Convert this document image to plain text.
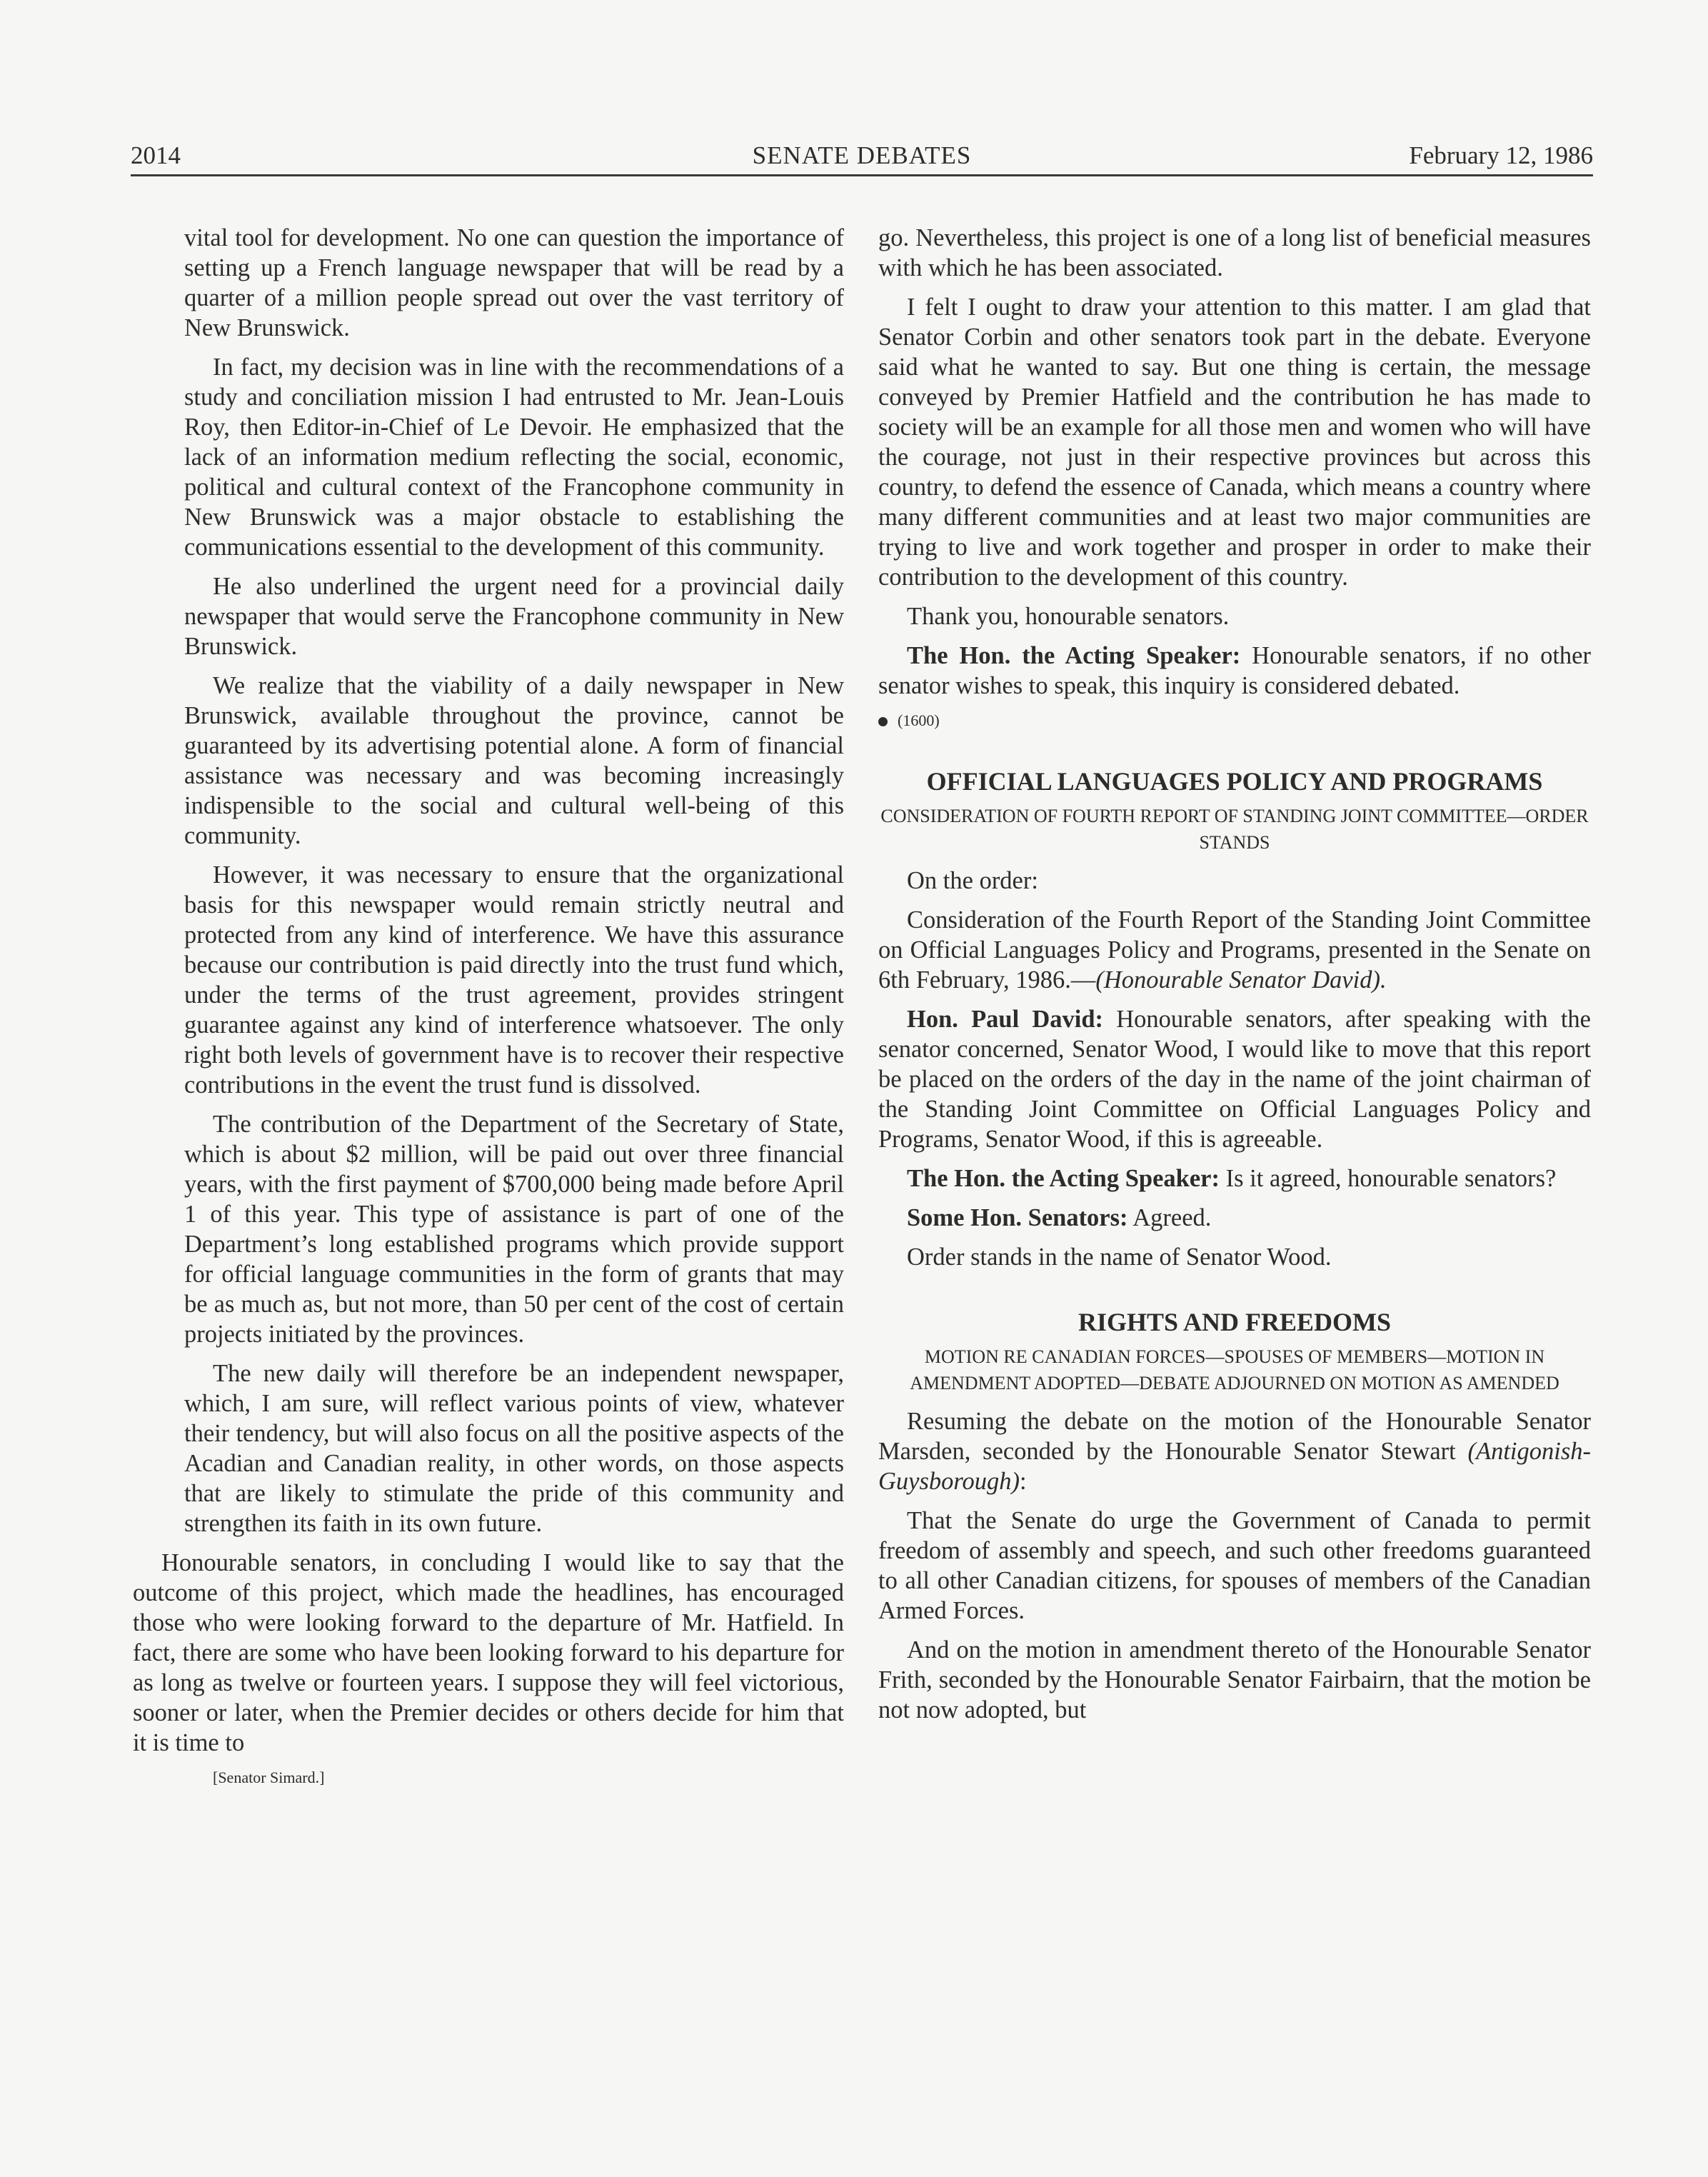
2014	SENATE DEBATES	February 12, 1986

vital tool for development. No one can question the importance of setting up a French language newspaper that will be read by a quarter of a million people spread out over the vast territory of New Brunswick.

In fact, my decision was in line with the recommendations of a study and conciliation mission I had entrusted to Mr. Jean-Louis Roy, then Editor-in-Chief of Le Devoir. He emphasized that the lack of an information medium reflecting the social, economic, political and cultural context of the Francophone community in New Brunswick was a major obstacle to establishing the communications essential to the development of this community.

He also underlined the urgent need for a provincial daily newspaper that would serve the Francophone community in New Brunswick.

We realize that the viability of a daily newspaper in New Brunswick, available throughout the province, cannot be guaranteed by its advertising potential alone. A form of financial assistance was necessary and was becoming increasingly indispensible to the social and cultural well-being of this community.

However, it was necessary to ensure that the organizational basis for this newspaper would remain strictly neutral and protected from any kind of interference. We have this assurance because our contribution is paid directly into the trust fund which, under the terms of the trust agreement, provides stringent guarantee against any kind of interference whatsoever. The only right both levels of government have is to recover their respective contributions in the event the trust fund is dissolved.

The contribution of the Department of the Secretary of State, which is about $2 million, will be paid out over three financial years, with the first payment of $700,000 being made before April 1 of this year. This type of assistance is part of one of the Department’s long established programs which provide support for official language communities in the form of grants that may be as much as, but not more, than 50 per cent of the cost of certain projects initiated by the provinces.

The new daily will therefore be an independent newspaper, which, I am sure, will reflect various points of view, whatever their tendency, but will also focus on all the positive aspects of the Acadian and Canadian reality, in other words, on those aspects that are likely to stimulate the pride of this community and strengthen its faith in its own future.

Honourable senators, in concluding I would like to say that the outcome of this project, which made the headlines, has encouraged those who were looking forward to the departure of Mr. Hatfield. In fact, there are some who have been looking forward to his departure for as long as twelve or fourteen years. I suppose they will feel victorious, sooner or later, when the Premier decides or others decide for him that it is time to

[Senator Simard.]

go. Nevertheless, this project is one of a long list of beneficial measures with which he has been associated.

I felt I ought to draw your attention to this matter. I am glad that Senator Corbin and other senators took part in the debate. Everyone said what he wanted to say. But one thing is certain, the message conveyed by Premier Hatfield and the contribution he has made to society will be an example for all those men and women who will have the courage, not just in their respective provinces but across this country, to defend the essence of Canada, which means a country where many different communities and at least two major communities are trying to live and work together and prosper in order to make their contribution to the development of this country.

Thank you, honourable senators.

The Hon. the Acting Speaker: Honourable senators, if no other senator wishes to speak, this inquiry is considered debated.

(1600)
OFFICIAL LANGUAGES POLICY AND PROGRAMS
CONSIDERATION OF FOURTH REPORT OF STANDING JOINT COMMITTEE—ORDER STANDS

On the order:

Consideration of the Fourth Report of the Standing Joint Committee on Official Languages Policy and Programs, presented in the Senate on 6th February, 1986.—(Honourable Senator David).

Hon. Paul David: Honourable senators, after speaking with the senator concerned, Senator Wood, I would like to move that this report be placed on the orders of the day in the name of the joint chairman of the Standing Joint Committee on Official Languages Policy and Programs, Senator Wood, if this is agreeable.

The Hon. the Acting Speaker: Is it agreed, honourable senators?

Some Hon. Senators: Agreed.

Order stands in the name of Senator Wood.

RIGHTS AND FREEDOMS
MOTION RE CANADIAN FORCES—SPOUSES OF MEMBERS—MOTION IN AMENDMENT ADOPTED—DEBATE ADJOURNED ON MOTION AS AMENDED

Resuming the debate on the motion of the Honourable Senator Marsden, seconded by the Honourable Senator Stewart (Antigonish-Guysborough):

That the Senate do urge the Government of Canada to permit freedom of assembly and speech, and such other freedoms guaranteed to all other Canadian citizens, for spouses of members of the Canadian Armed Forces.

And on the motion in amendment thereto of the Honourable Senator Frith, seconded by the Honourable Senator Fairbairn, that the motion be not now adopted, but
